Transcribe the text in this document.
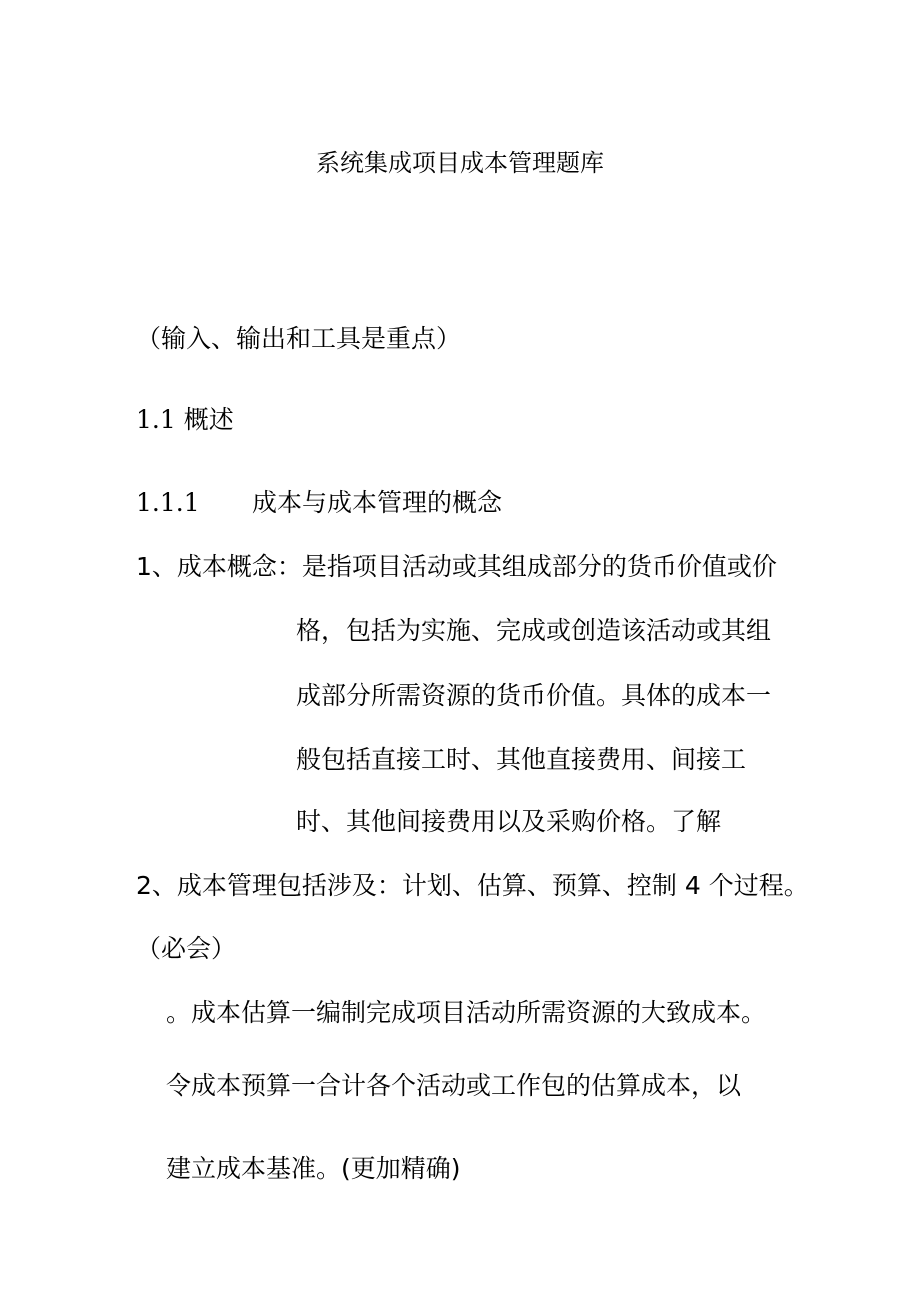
系统集成项目成本管理题库
（输入、输出和工具是重点）
1.1 概述
1.1.1 成本与成本管理的概念
1、成本概念：是指项目活动或其组成部分的货币价值或价
格，包括为实施、完成或创造该活动或其组
成部分所需资源的货币价值。具体的成本一
般包括直接工时、其他直接费用、间接工
时、其他间接费用以及采购价格。了解
2、成本管理包括涉及：计划、估算、预算、控制 4 个过程。
（必会）
。成本估算一编制完成项目活动所需资源的大致成本。
令成本预算一合计各个活动或工作包的估算成本，以
建立成本基准。(更加精确)
